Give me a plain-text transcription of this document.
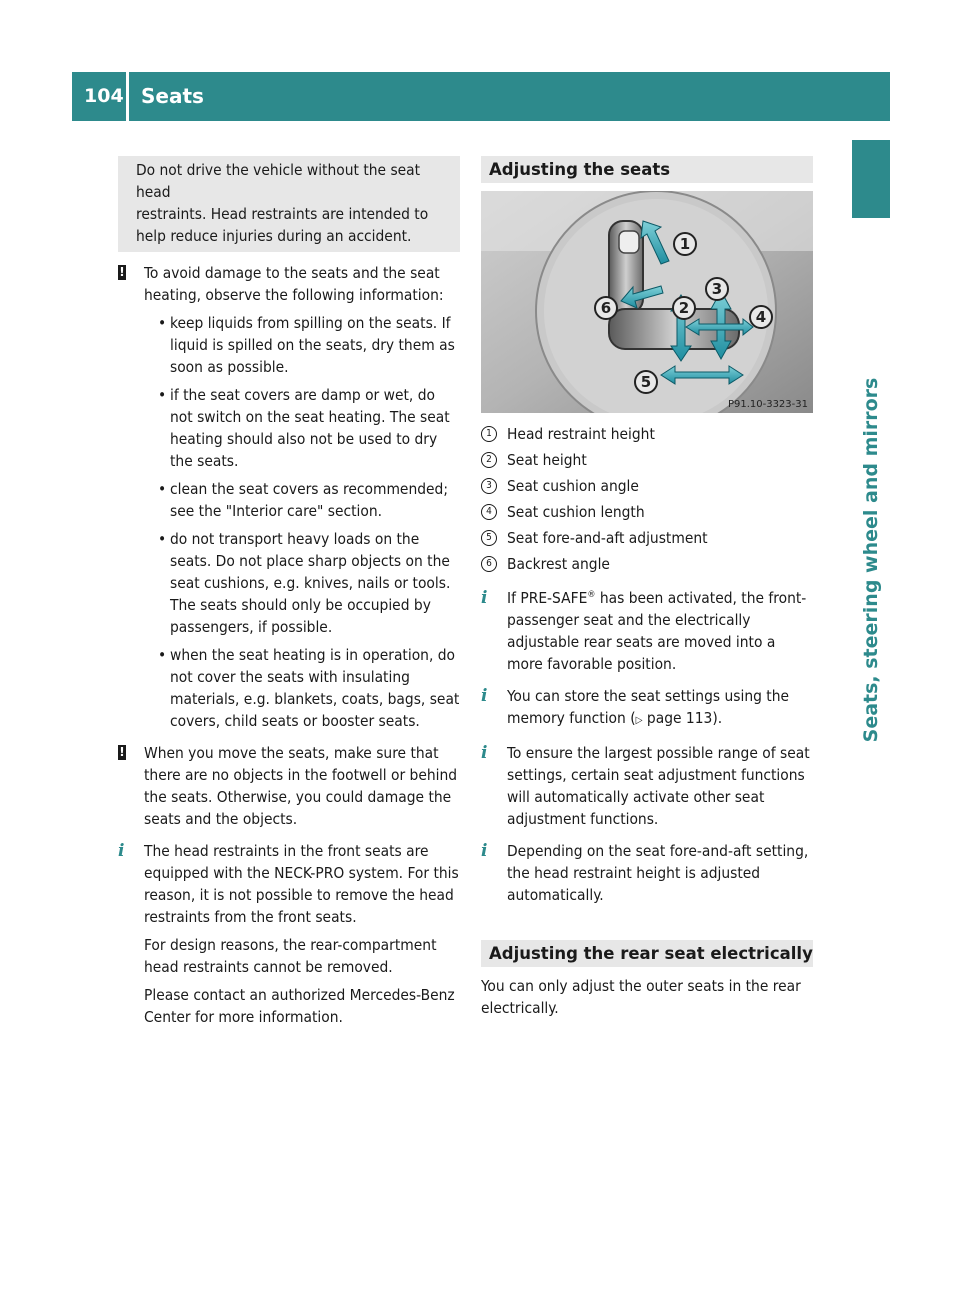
104 Seats
Seats, steering wheel and mirrors
Do not drive the vehicle without the seat head
restraints. Head restraints are intended to
help reduce injuries during an accident.
! To avoid damage to the seats and the seat heating, observe the following information:

• keep liquids from spilling on the seats. If liquid is spilled on the seats, dry them as soon as possible.
• if the seat covers are damp or wet, do not switch on the seat heating. The seat heating should also not be used to dry the seats.
• clean the seat covers as recommended; see the "Interior care" section.
• do not transport heavy loads on the seats. Do not place sharp objects on the seat cushions, e.g. knives, nails or tools. The seats should only be occupied by passengers, if possible.
• when the seat heating is in operation, do not cover the seats with insulating materials, e.g. blankets, coats, bags, seat covers, child seats or booster seats.
! When you move the seats, make sure that there are no objects in the footwell or behind the seats. Otherwise, you could damage the seats and the objects.

i The head restraints in the front seats are equipped with the NECK-PRO system. For this reason, it is not possible to remove the head restraints from the front seats.

For design reasons, the rear-compartment head restraints cannot be removed.

Please contact an authorized Mercedes-Benz Center for more information.

Adjusting the seats
1
2
3
4
5
6
P91.10-3323-31
1 Head restraint height
2 Seat height
3 Seat cushion angle
4 Seat cushion length
5 Seat fore-and-aft adjustment
6 Backrest angle
i If PRE-SAFE® has been activated, the front-passenger seat and the electrically adjustable rear seats are moved into a more favorable position.

i You can store the seat settings using the memory function (▷ page 113).

i To ensure the largest possible range of seat settings, certain seat adjustment functions will automatically activate other seat adjustment functions.

i Depending on the seat fore-and-aft setting, the head restraint height is adjusted automatically.

Adjusting the rear seat electrically

You can only adjust the outer seats in the rear electrically.
